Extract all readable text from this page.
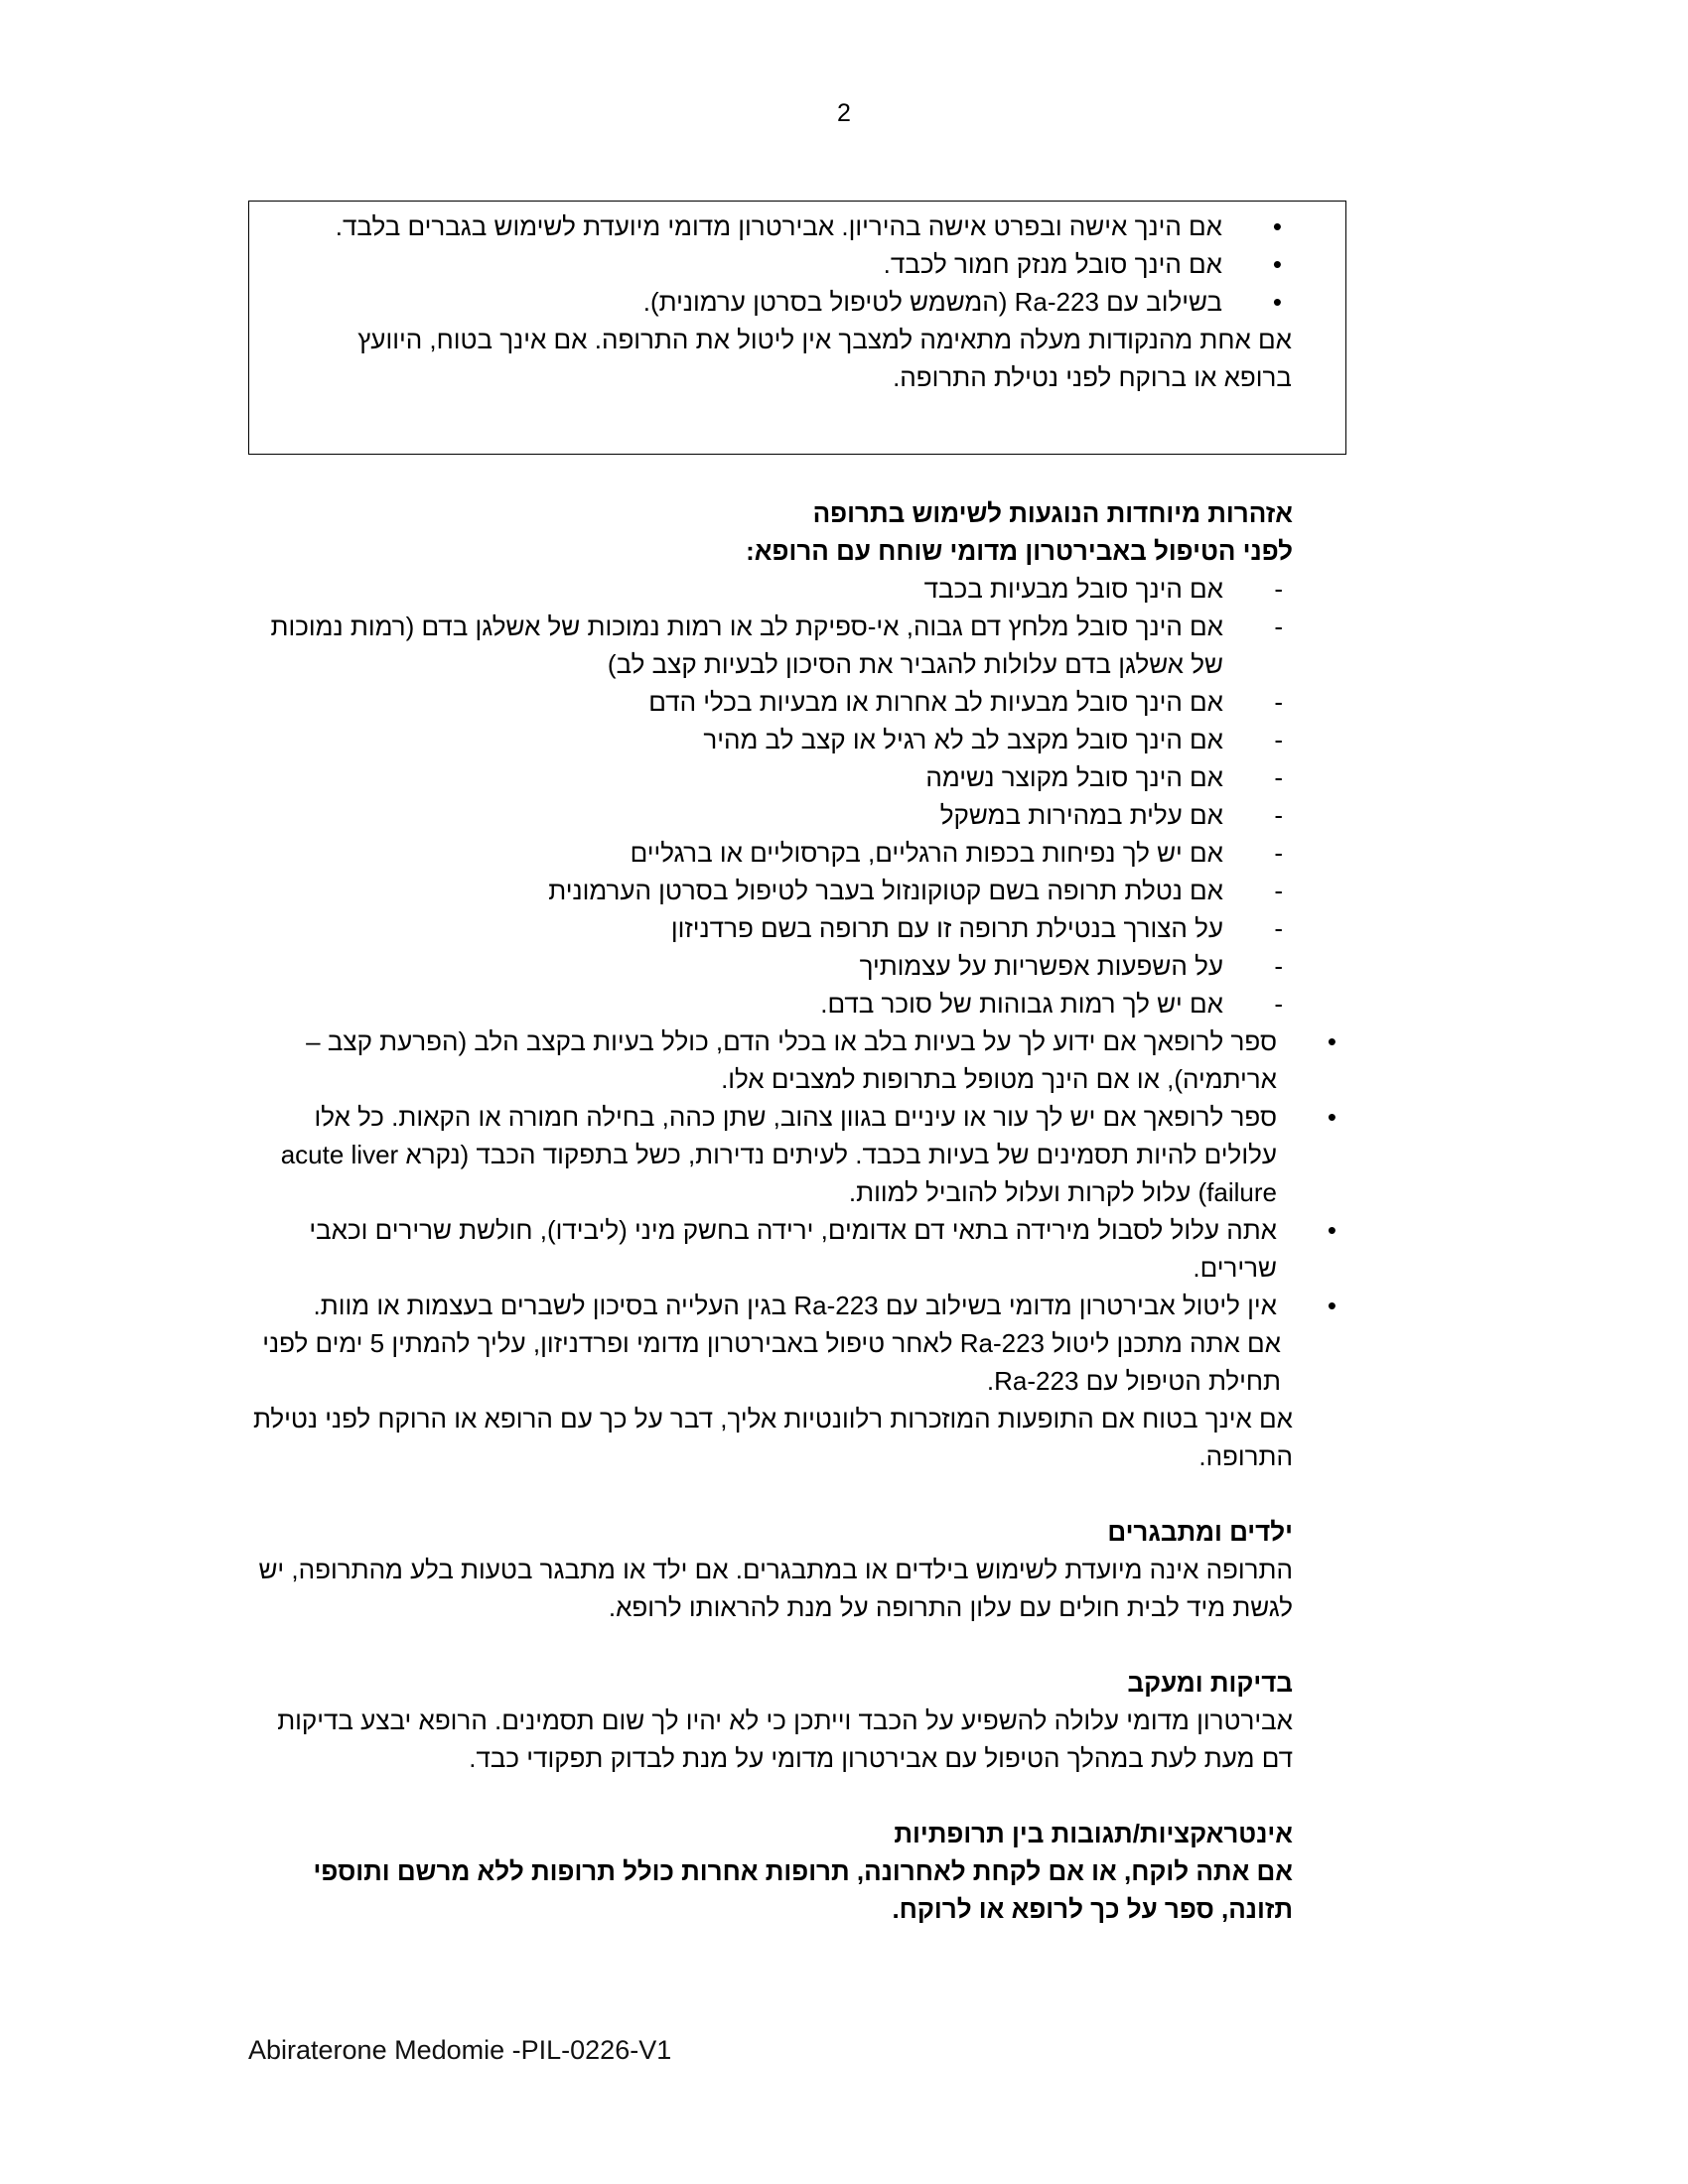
2
• אם הינך אישה ובפרט אישה בהיריון. אבירטרון מדומי מיועדת לשימוש בגברים בלבד.
• אם הינך סובל מנזק חמור לכבד.
• בשילוב עם Ra-223 (המשמש לטיפול בסרטן ערמונית).
אם אחת מהנקודות מעלה מתאימה למצבך אין ליטול את התרופה. אם אינך בטוח, היוועץ ברופא או ברוקח לפני נטילת התרופה.
אזהרות מיוחדות הנוגעות לשימוש בתרופה
לפני הטיפול באבירטרון מדומי שוחח עם הרופא:
- אם הינך סובל מבעיות בכבד
- אם הינך סובל מלחץ דם גבוה, אי-ספיקת לב או רמות נמוכות של אשלגן בדם (רמות נמוכות של אשלגן בדם עלולות להגביר את הסיכון לבעיות קצב לב)
- אם הינך סובל מבעיות לב אחרות או מבעיות בכלי הדם
- אם הינך סובל מקצב לב לא רגיל או קצב לב מהיר
- אם הינך סובל מקוצר נשימה
- אם עלית במהירות במשקל
- אם יש לך נפיחות בכפות הרגליים, בקרסוליים או ברגליים
- אם נטלת תרופה בשם קטוקונזול בעבר לטיפול בסרטן הערמונית
- על הצורך בנטילת תרופה זו עם תרופה בשם פרדניזון
- על השפעות אפשריות על עצמותיך
- אם יש לך רמות גבוהות של סוכר בדם.
• ספר לרופאך אם ידוע לך על בעיות בלב או בכלי הדם, כולל בעיות בקצב הלב (הפרעת קצב – אריתמיה), או אם הינך מטופל בתרופות למצבים אלו.
• ספר לרופאך אם יש לך עור או עיניים בגוון צהוב, שתן כהה, בחילה חמורה או הקאות. כל אלו עלולים להיות תסמינים של בעיות בכבד. לעיתים נדירות, כשל בתפקוד הכבד (נקרא acute liver failure) עלול לקרות ועלול להוביל למוות.
• אתה עלול לסבול מירידה בתאי דם אדומים, ירידה בחשק מיני (ליבידו), חולשת שרירים וכאבי שרירים.
• אין ליטול אבירטרון מדומי בשילוב עם Ra-223 בגין העלייה בסיכון לשברים בעצמות או מוות.
אם אתה מתכנן ליטול Ra-223 לאחר טיפול באבירטרון מדומי ופרדניזון, עליך להמתין 5 ימים לפני תחילת הטיפול עם Ra-223.
אם אינך בטוח אם התופעות המוזכרות רלוונטיות אליך, דבר על כך עם הרופא או הרוקח לפני נטילת התרופה.
ילדים ומתבגרים
התרופה אינה מיועדת לשימוש בילדים או במתבגרים. אם ילד או מתבגר בטעות בלע מהתרופה, יש לגשת מיד לבית חולים עם עלון התרופה על מנת להראותו לרופא.
בדיקות ומעקב
אבירטרון מדומי עלולה להשפיע על הכבד וייתכן כי לא יהיו לך שום תסמינים. הרופא יבצע בדיקות דם מעת לעת במהלך הטיפול עם אבירטרון מדומי על מנת לבדוק תפקודי כבד.
אינטראקציות/תגובות בין תרופתיות
אם אתה לוקח, או אם לקחת לאחרונה, תרופות אחרות כולל תרופות ללא מרשם ותוספי תזונה, ספר על כך לרופא או לרוקח.
Abiraterone Medomie -PIL-0226-V1
